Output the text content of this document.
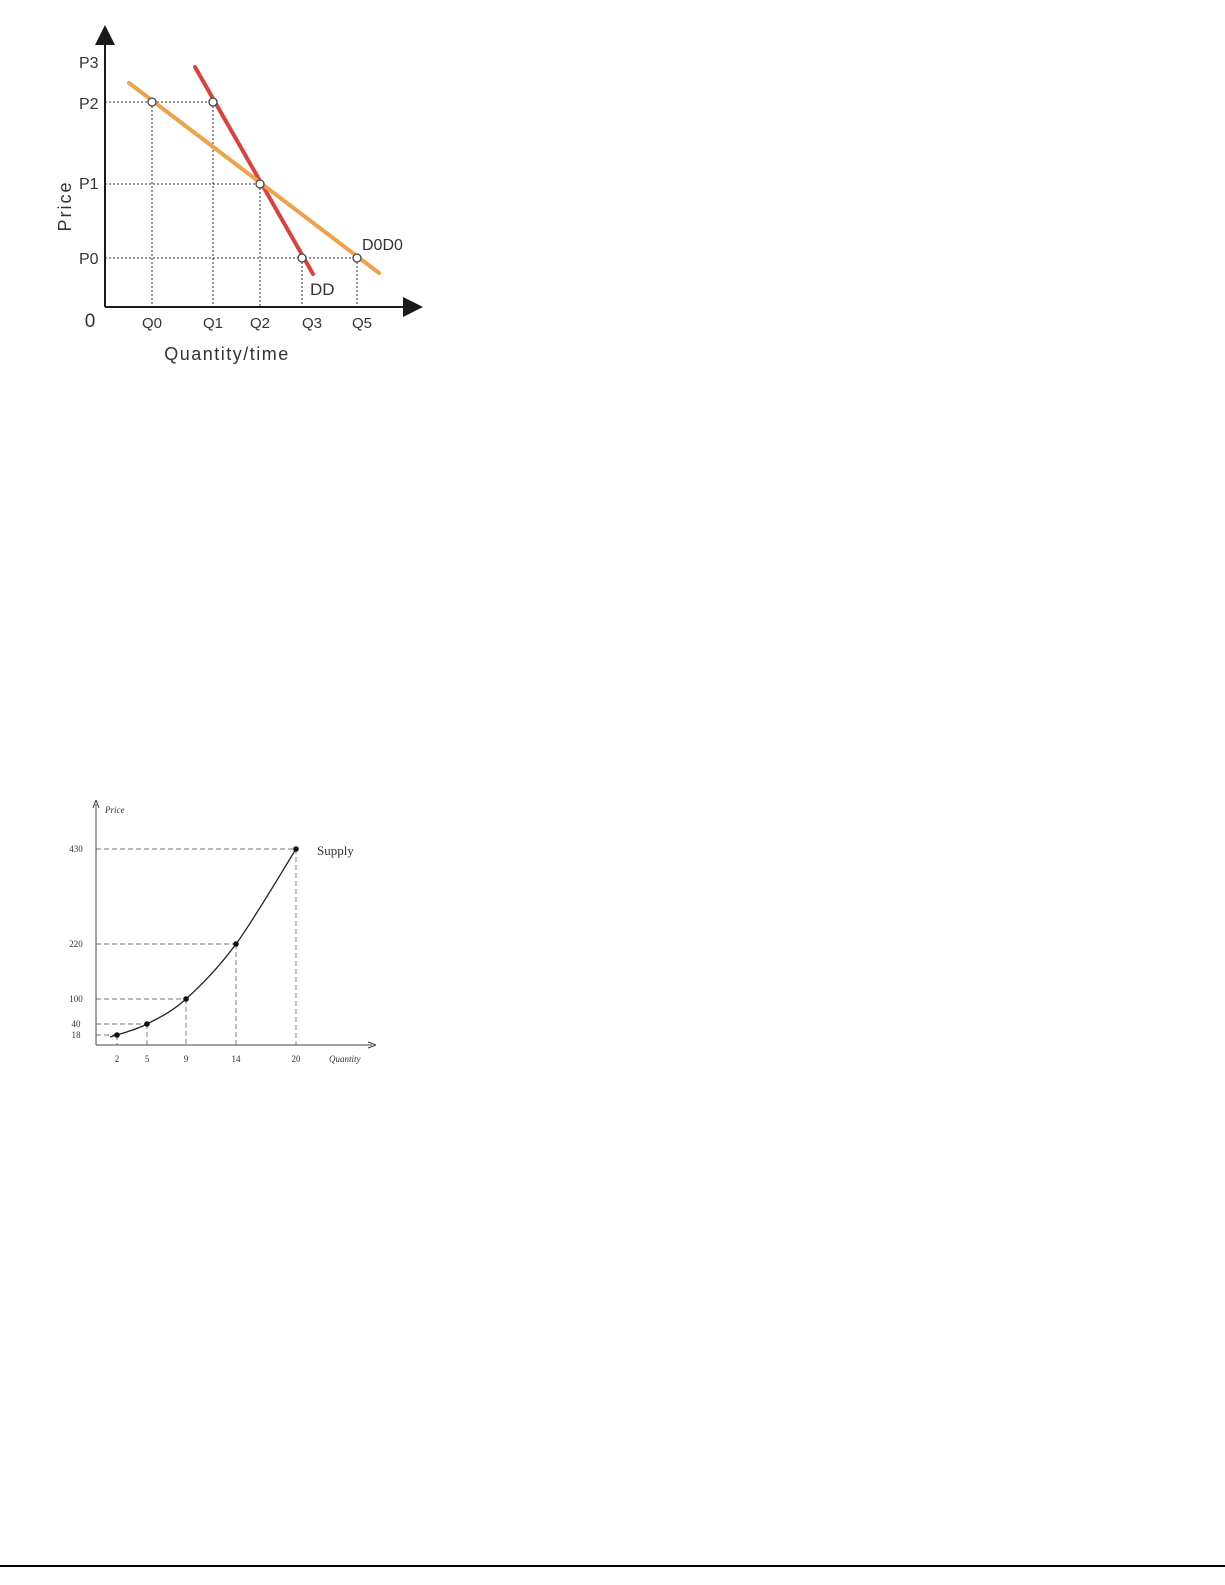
0
P3
P2
P1
P0
Q0	Q1 Q2 Q3 Q5
Price
Quantity/time
D0D0
DD
Price
Quantity
Supply
18
40
100
220
430
2	5	9	14	20
